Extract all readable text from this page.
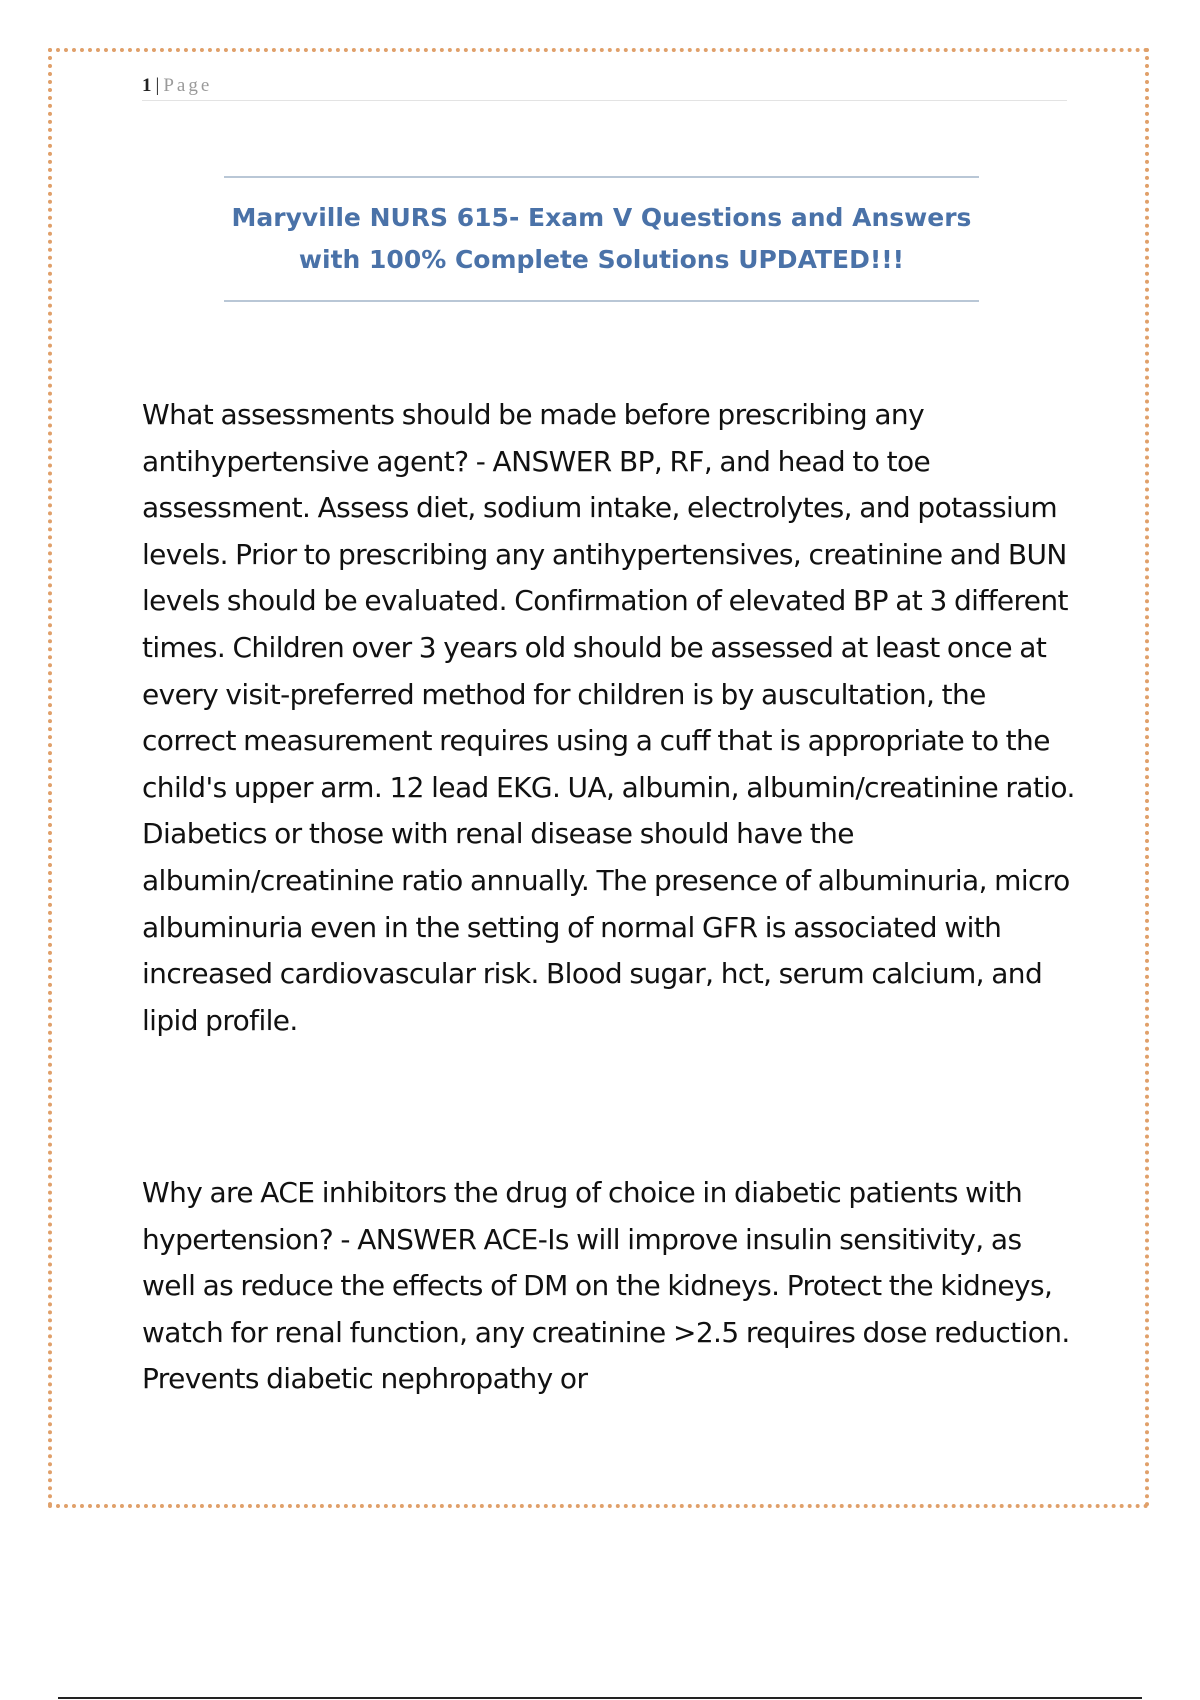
1 | Page

Maryville NURS 615- Exam V Questions and Answers
with 100% Complete Solutions UPDATED!!!

What assessments should be made before prescribing any antihypertensive agent? - ANSWER BP, RF, and head to toe assessment. Assess diet, sodium intake, electrolytes, and potassium levels. Prior to prescribing any antihypertensives, creatinine and BUN levels should be evaluated. Confirmation of elevated BP at 3 different times. Children over 3 years old should be assessed at least once at every visit-preferred method for children is by auscultation, the correct measurement requires using a cuff that is appropriate to the child's upper arm. 12 lead EKG. UA, albumin, albumin/creatinine ratio. Diabetics or those with renal disease should have the albumin/creatinine ratio annually. The presence of albuminuria, micro albuminuria even in the setting of normal GFR is associated with increased cardiovascular risk. Blood sugar, hct, serum calcium, and lipid profile.

Why are ACE inhibitors the drug of choice in diabetic patients with hypertension? - ANSWER ACE-Is will improve insulin sensitivity, as well as reduce the effects of DM on the kidneys. Protect the kidneys, watch for renal function, any creatinine >2.5 requires dose reduction. Prevents diabetic nephropathy or
